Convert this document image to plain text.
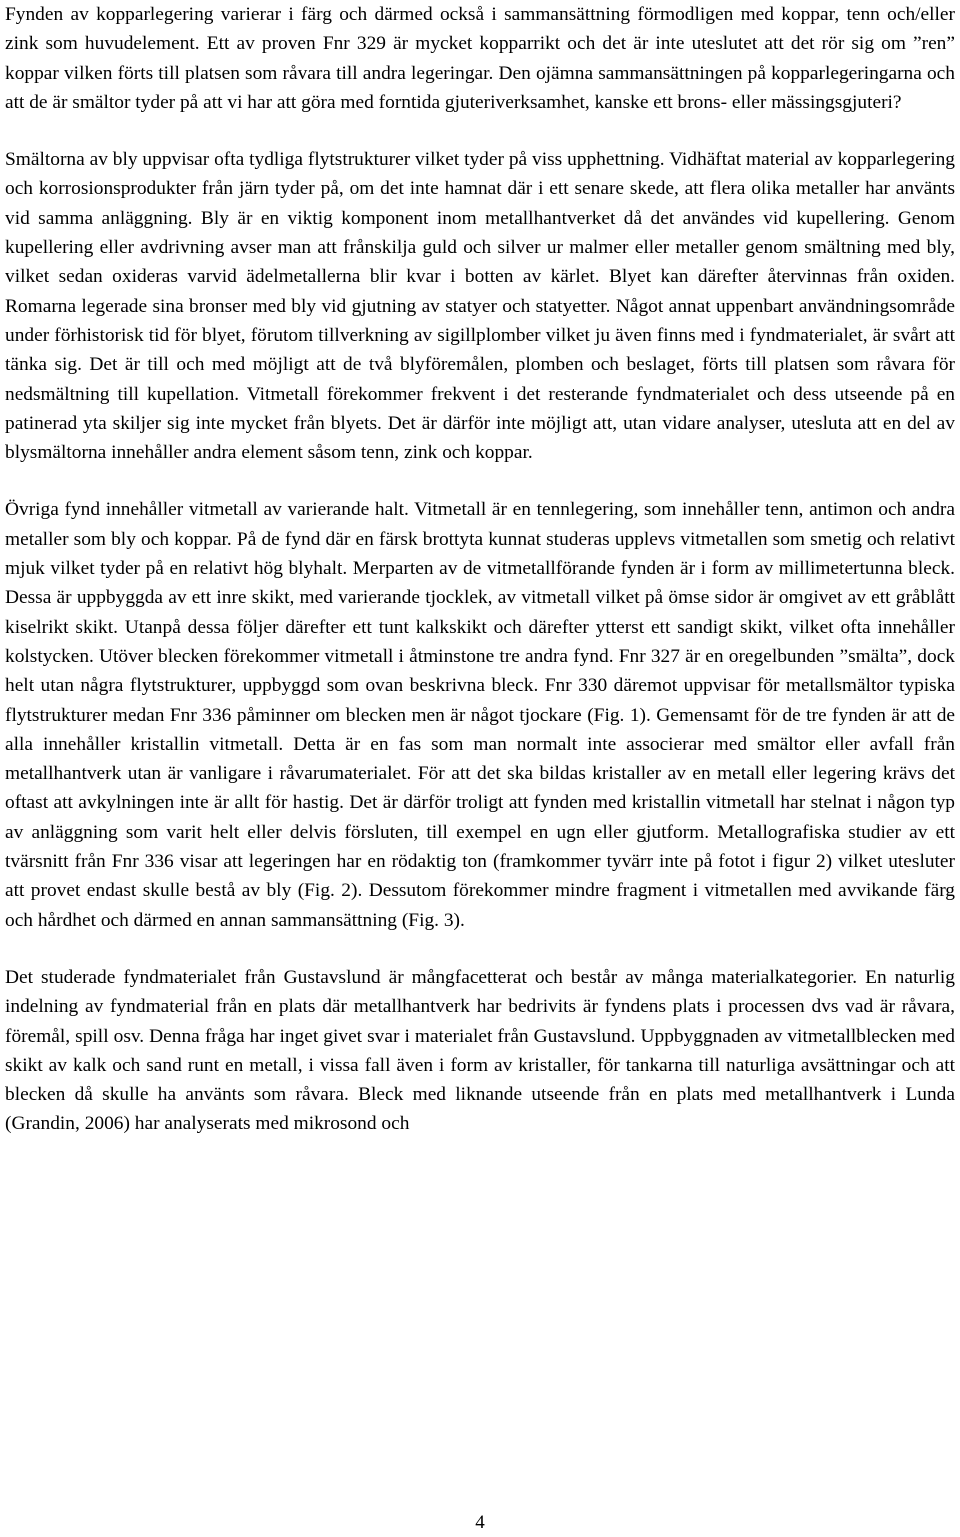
Fynden av kopparlegering varierar i färg och därmed också i sammansättning förmodligen med koppar, tenn och/eller zink som huvudelement. Ett av proven Fnr 329 är mycket kopparrikt och det är inte uteslutet att det rör sig om ”ren” koppar vilken förts till platsen som råvara till andra legeringar. Den ojämna sammansättningen på kopparlegeringarna och att de är smältor tyder på att vi har att göra med forntida gjuteriverksamhet, kanske ett brons- eller mässingsgjuteri?

Smältorna av bly uppvisar ofta tydliga flytstrukturer vilket tyder på viss upphettning. Vidhäftat material av kopparlegering och korrosionsprodukter från järn tyder på, om det inte hamnat där i ett senare skede, att flera olika metaller har använts vid samma anläggning. Bly är en viktig komponent inom metallhantverket då det användes vid kupellering. Genom kupellering eller avdrivning avser man att frånskilja guld och silver ur malmer eller metaller genom smältning med bly, vilket sedan oxideras varvid ädelmetallerna blir kvar i botten av kärlet. Blyet kan därefter återvinnas från oxiden. Romarna legerade sina bronser med bly vid gjutning av statyer och statyetter. Något annat uppenbart användningsområde under förhistorisk tid för blyet, förutom tillverkning av sigillplomber vilket ju även finns med i fyndmaterialet, är svårt att tänka sig. Det är till och med möjligt att de två blyföremålen, plomben och beslaget, förts till platsen som råvara för nedsmältning till kupellation. Vitmetall förekommer frekvent i det resterande fyndmaterialet och dess utseende på en patinerad yta skiljer sig inte mycket från blyets. Det är därför inte möjligt att, utan vidare analyser, utesluta att en del av blysmältorna innehåller andra element såsom tenn, zink och koppar.

Övriga fynd innehåller vitmetall av varierande halt. Vitmetall är en tennlegering, som innehåller tenn, antimon och andra metaller som bly och koppar. På de fynd där en färsk brottyta kunnat studeras upplevs vitmetallen som smetig och relativt mjuk vilket tyder på en relativt hög blyhalt. Merparten av de vitmetallförande fynden är i form av millimetertunna bleck. Dessa är uppbyggda av ett inre skikt, med varierande tjocklek, av vitmetall vilket på ömse sidor är omgivet av ett gråblått kiselrikt skikt. Utanpå dessa följer därefter ett tunt kalkskikt och därefter ytterst ett sandigt skikt, vilket ofta innehåller kolstycken. Utöver blecken förekommer vitmetall i åtminstone tre andra fynd. Fnr 327 är en oregelbunden ”smälta”, dock helt utan några flytstrukturer, uppbyggd som ovan beskrivna bleck. Fnr 330 däremot uppvisar för metallsmältor typiska flytstrukturer medan Fnr 336 påminner om blecken men är något tjockare (Fig. 1). Gemensamt för de tre fynden är att de alla innehåller kristallin vitmetall. Detta är en fas som man normalt inte associerar med smältor eller avfall från metallhantverk utan är vanligare i råvarumaterialet. För att det ska bildas kristaller av en metall eller legering krävs det oftast att avkylningen inte är allt för hastig. Det är därför troligt att fynden med kristallin vitmetall har stelnat i någon typ av anläggning som varit helt eller delvis försluten, till exempel en ugn eller gjutform. Metallografiska studier av ett tvärsnitt från Fnr 336 visar att legeringen har en rödaktig ton (framkommer tyvärr inte på fotot i figur 2) vilket utesluter att provet endast skulle bestå av bly (Fig. 2). Dessutom förekommer mindre fragment i vitmetallen med avvikande färg och hårdhet och därmed en annan sammansättning (Fig. 3).

Det studerade fyndmaterialet från Gustavslund är mångfacetterat och består av många materialkategorier. En naturlig indelning av fyndmaterial från en plats där metallhantverk har bedrivits är fyndens plats i processen dvs vad är råvara, föremål, spill osv. Denna fråga har inget givet svar i materialet från Gustavslund. Uppbyggnaden av vitmetallblecken med skikt av kalk och sand runt en metall, i vissa fall även i form av kristaller, för tankarna till naturliga avsättningar och att blecken då skulle ha använts som råvara. Bleck med liknande utseende från en plats med metallhantverk i Lunda (Grandin, 2006) har analyserats med mikrosond och

4
